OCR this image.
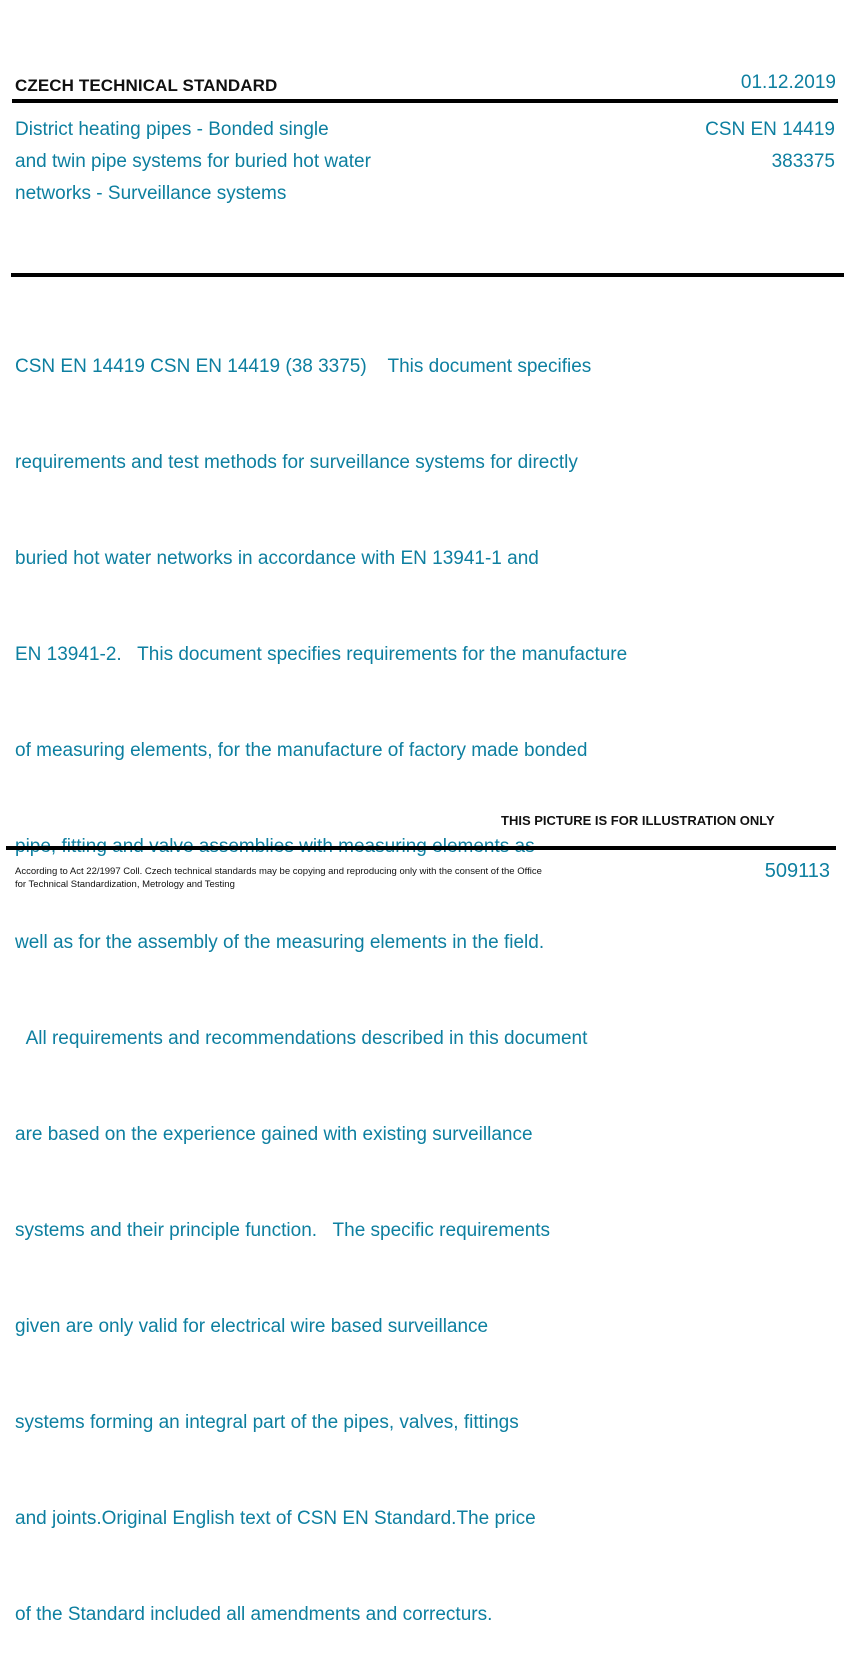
CZECH TECHNICAL STANDARD	01.12.2019
District heating pipes - Bonded single
and twin pipe systems for buried hot water
networks - Surveillance systems
CSN EN 14419
383375

CSN EN 14419 CSN EN 14419 (38 3375)    This document specifies

requirements and test methods for surveillance systems for directly

buried hot water networks in accordance with EN 13941-1 and

EN 13941-2.   This document specifies requirements for the manufacture

of measuring elements, for the manufacture of factory made bonded

well as for the assembly of the measuring elements in the field.

All requirements and recommendations described in this document

are based on the experience gained with existing surveillance

systems and their principle function.   The specific requirements

given are only valid for electrical wire based surveillance

systems forming an integral part of the pipes, valves, fittings

and joints.Original English text of CSN EN Standard.The price

of the Standard included all amendments and correcturs.

THIS PICTURE IS FOR ILLUSTRATION ONLY
According to Act 22/1997 Coll. Czech technical standards may be copying and reproducing only with the consent of the Office
for Technical Standardization, Metrology and Testing
509113
